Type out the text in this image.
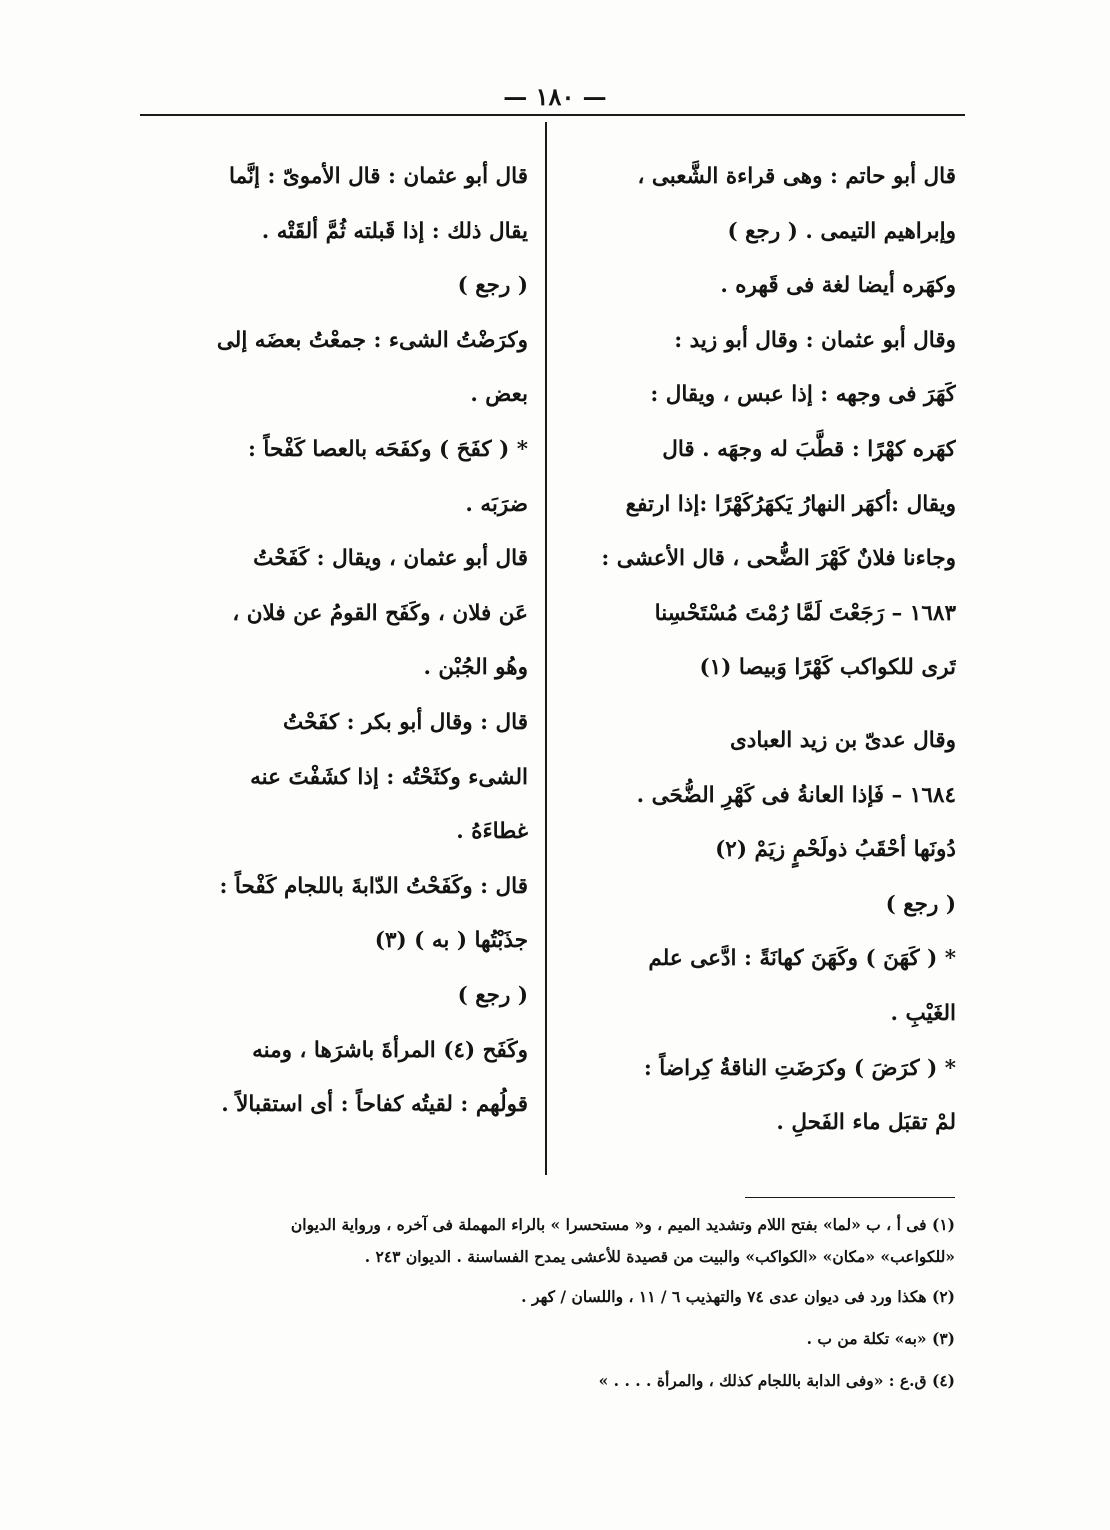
— ١٨٠ —
قال أبو حاتم : وهى قراءة الشَّعبى ،
وإبراهيم التيمى . ( رجع )
وكهَره أيضا لغة فى قَهره .
وقال أبو عثمان : وقال أبو زيد :
كَهَرَ فى وجهه : إذا عبس ، ويقال :
كهَره كهْرًا : قطَّبَ له وجهَه . قال
ويقال :أكهَر النهارُ يَكهَرُكَهْرًا :إذا ارتفع
وجاءنا فلانٌ كَهْرَ الضُّحى ، قال الأعشى :
١٦٨٣ – رَجَعْتَ لَمَّا رُمْتَ مُسْتَحْسِنا
تَرى للكواكب كَهْرًا وَبيصا (١)
وقال عدىّ بن زيد العبادى
١٦٨٤ – فَإذا العانةُ فى كَهْرِ الضُّحَى .
دُونَها أحْقَبُ ذولَحْمٍ زيَمْ (٢)
( رجع )
* ( كَهَنَ ) وكَهَنَ كهانَةً : ادَّعى علم
الغَيْبِ .
* ( كرَضَ ) وكرَضَتِ الناقةُ كِراضاً :
لمْ تقبَل ماء الفَحلِ .
قال أبو عثمان : قال الأموىّ : إنَّما
يقال ذلك : إذا قَبلته ثُمَّ ألقَتْه .
( رجع )
وكرَضْتُ الشىء : جمعْتُ بعضَه إلى
بعض .
* ( كفَحَ ) وكفَحَه بالعصا كَفْحاً :
ضرَبَه .
قال أبو عثمان ، ويقال : كَفَحْتُ
عَن فلان ، وكَفَح القومُ عن فلان ،
وهُو الجُبْن .
قال : وقال أبو بكر : كفَحْتُ
الشىء وكثَحْتُه : إذا كشَفْتَ عنه
غطاءَهُ .
قال : وكَفَحْتُ الدّابةَ باللجام كَفْحاً :
جذَبْتُها ( به ) (٣)
( رجع )
وكَفَح (٤) المرأةَ باشرَها ، ومنه
قولُهم : لقيتُه كفاحاً : أى استقبالاً .
(١) فى أ ، ب «لما» بفتح اللام وتشديد الميم ، و« مستحسرا » بالراء المهملة فى آخره ، ورواية الديوان
«للكواعب» «مكان» «الكواكب» والبيت من قصيدة للأعشى يمدح الفساسنة . الديوان ٢٤٣ .
(٢) هكذا ورد فى ديوان عدى ٧٤ والتهذيب ٦ / ١١ ، واللسان / كهر .
(٣) «به» تكلة من ب .
(٤) ق.ع : «وفى الدابة باللجام كذلك ، والمرأة . . . . »
